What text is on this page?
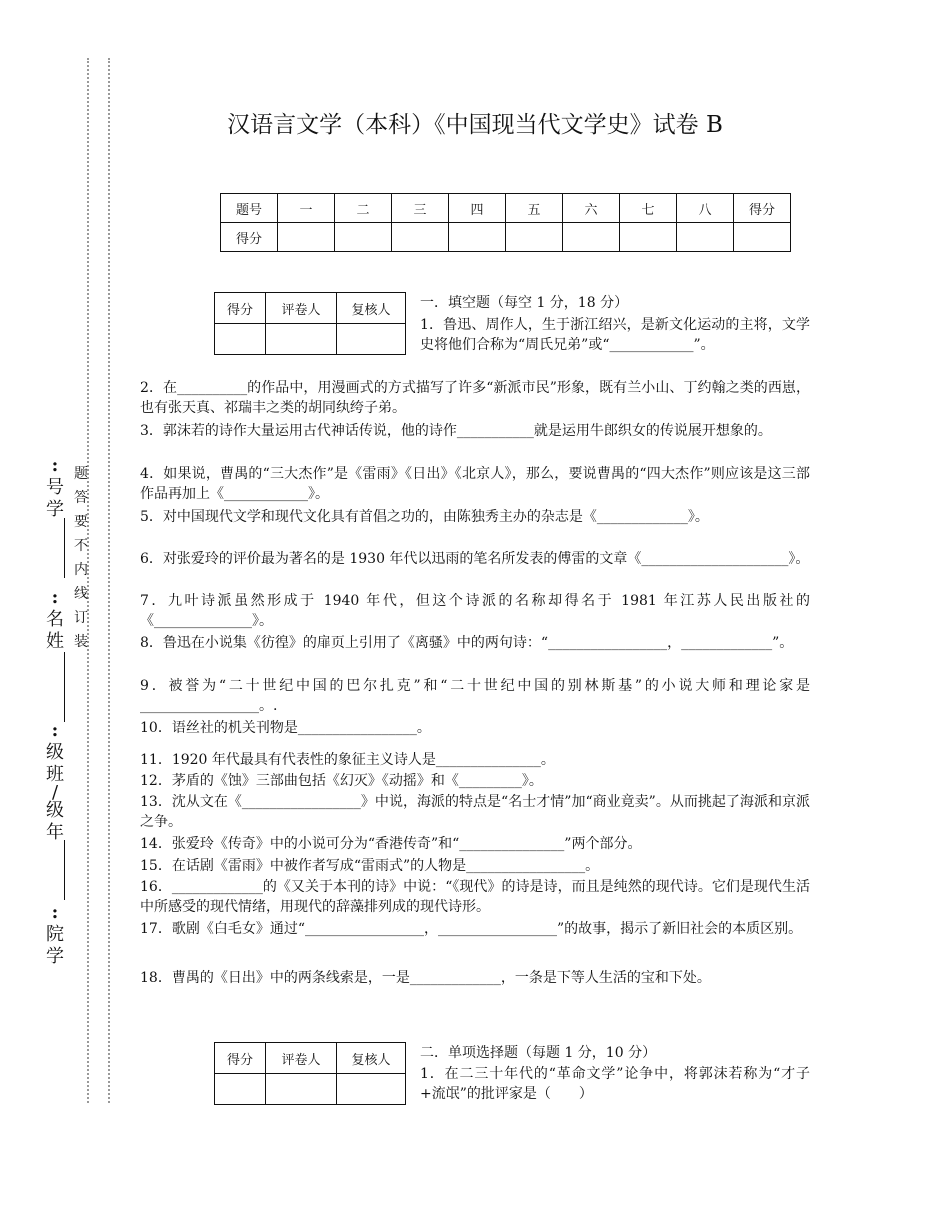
:
号
学
:
名
姓
:
级
班
/
级
年
:
院
学
题
答
要
不
内
线
订
装
汉语言文学（本科）《中国现当代文学史》试卷 B
题号	一	二	三	四	五	六	七	八	得分
得分									
得分	评卷人	复核人
		一．填空题（每空 1 分，18 分）
1．鲁迅、周作人，生于浙江绍兴，是新文化运动的主将，文学史将他们合称为“周氏兄弟”或“____________”。
2．在__________的作品中，用漫画式的方式描写了许多“新派市民”形象，既有兰小山、丁约翰之类的西崽，也有张天真、祁瑞丰之类的胡同纨绔子弟。
3．郭沫若的诗作大量运用古代神话传说，他的诗作___________就是运用牛郎织女的传说展开想象的。
4．如果说，曹禺的“三大杰作”是《雷雨》《日出》《北京人》，那么，要说曹禺的“四大杰作”则应该是这三部作品再加上《____________》。
5．对中国现代文学和现代文化具有首倡之功的，由陈独秀主办的杂志是《_____________》。
6．对张爱玲的评价最为著名的是 1930 年代以迅雨的笔名所发表的傅雷的文章《_____________________》。
7．九叶诗派虽然形成于 1940 年代，但这个诗派的名称却得名于 1981 年江苏人民出版社的《______________》。
8．鲁迅在小说集《彷徨》的扉页上引用了《离骚》中的两句诗：“_________________，_____________”。
9．被誉为“二十世纪中国的巴尔扎克”和“二十世纪中国的别林斯基”的小说大师和理论家是_________________。.
10．语丝社的机关刊物是_________________。
11．1920 年代最具有代表性的象征主义诗人是_______________。
12．茅盾的《蚀》三部曲包括《幻灭》《动摇》和《_________》。
13．沈从文在《_________________》中说，海派的特点是“名士才情”加“商业竟卖”。从而挑起了海派和京派之争。
14．张爱玲《传奇》中的小说可分为“香港传奇”和“_______________”两个部分。
15．在话剧《雷雨》中被作者写成“雷雨式”的人物是_________________。
16．_____________的《又关于本刊的诗》中说：“《现代》的诗是诗，而且是纯然的现代诗。它们是现代生活中所感受的现代情绪，用现代的辞藻排列成的现代诗形。
17．歌剧《白毛女》通过“_________________，_________________”的故事，揭示了新旧社会的本质区别。
18．曹禺的《日出》中的两条线索是，一是_____________，一条是下等人生活的宝和下处。
得分	评卷人	复核人
		二．单项选择题（每题 1 分，10 分）
1．在二三十年代的“革命文学”论争中，将郭沫若称为“才子+流氓”的批评家是（　　）
